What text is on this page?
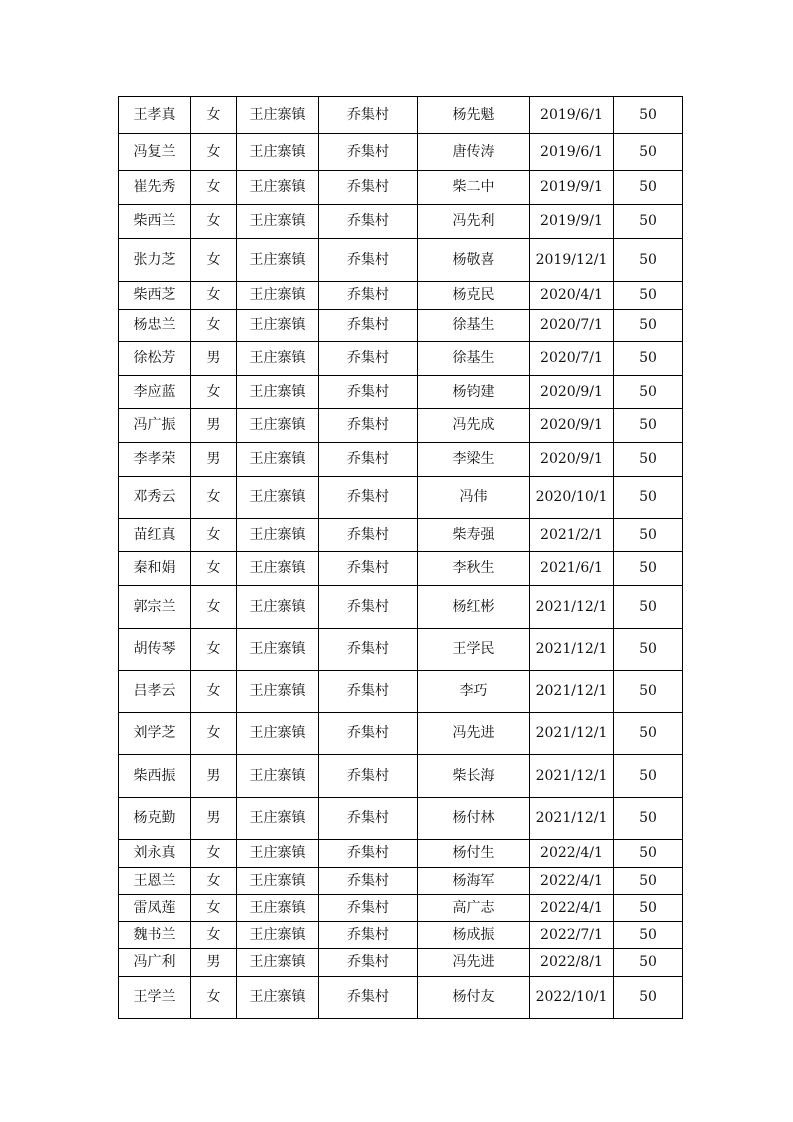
王孝真	女	王庄寨镇	乔集村	杨先魁	2019/6/1	50
冯复兰	女	王庄寨镇	乔集村	唐传涛	2019/6/1	50
崔先秀	女	王庄寨镇	乔集村	柴二中	2019/9/1	50
柴西兰	女	王庄寨镇	乔集村	冯先利	2019/9/1	50
张力芝	女	王庄寨镇	乔集村	杨敬喜	2019/12/1	50
柴西芝	女	王庄寨镇	乔集村	杨克民	2020/4/1	50
杨忠兰	女	王庄寨镇	乔集村	徐基生	2020/7/1	50
徐松芳	男	王庄寨镇	乔集村	徐基生	2020/7/1	50
李应蓝	女	王庄寨镇	乔集村	杨钧建	2020/9/1	50
冯广振	男	王庄寨镇	乔集村	冯先成	2020/9/1	50
李孝荣	男	王庄寨镇	乔集村	李梁生	2020/9/1	50
邓秀云	女	王庄寨镇	乔集村	冯伟	2020/10/1	50
苗红真	女	王庄寨镇	乔集村	柴寿强	2021/2/1	50
秦和娟	女	王庄寨镇	乔集村	李秋生	2021/6/1	50
郭宗兰	女	王庄寨镇	乔集村	杨红彬	2021/12/1	50
胡传琴	女	王庄寨镇	乔集村	王学民	2021/12/1	50
吕孝云	女	王庄寨镇	乔集村	李巧	2021/12/1	50
刘学芝	女	王庄寨镇	乔集村	冯先进	2021/12/1	50
柴西振	男	王庄寨镇	乔集村	柴长海	2021/12/1	50
杨克勤	男	王庄寨镇	乔集村	杨付林	2021/12/1	50
刘永真	女	王庄寨镇	乔集村	杨付生	2022/4/1	50
王恩兰	女	王庄寨镇	乔集村	杨海军	2022/4/1	50
雷凤莲	女	王庄寨镇	乔集村	高广志	2022/4/1	50
魏书兰	女	王庄寨镇	乔集村	杨成振	2022/7/1	50
冯广利	男	王庄寨镇	乔集村	冯先进	2022/8/1	50
王学兰	女	王庄寨镇	乔集村	杨付友	2022/10/1	50
